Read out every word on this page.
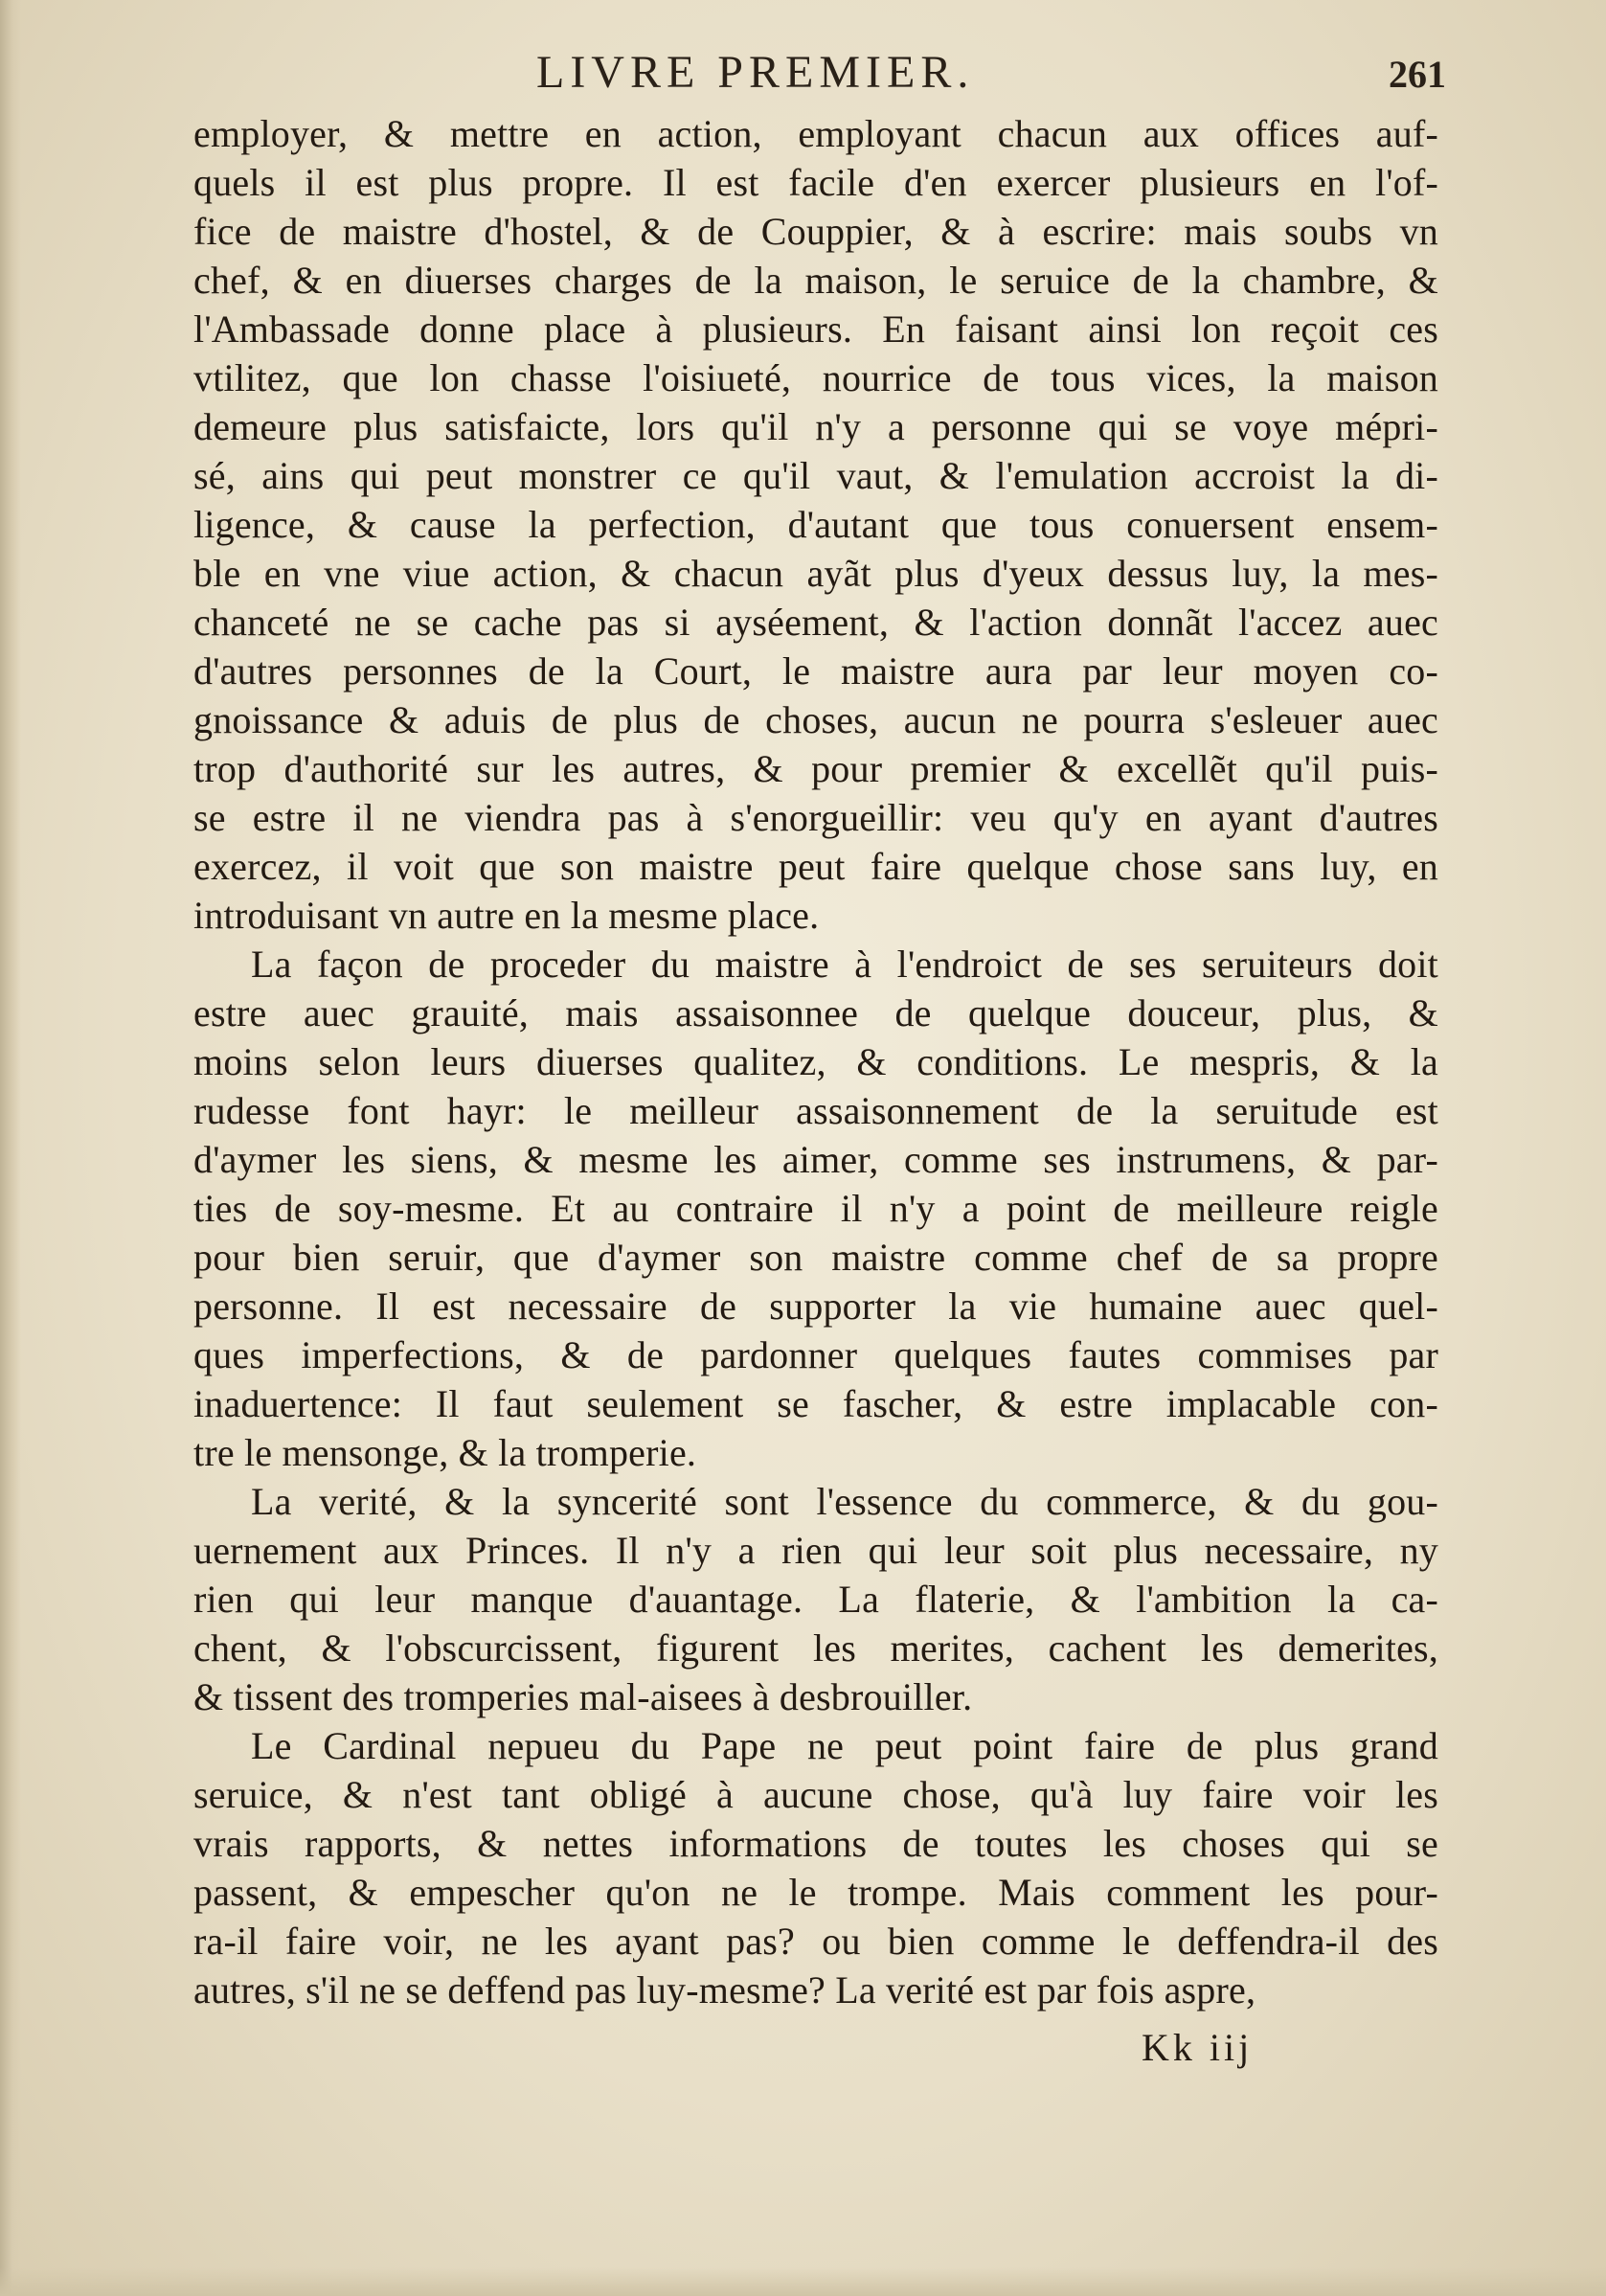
LIVRE PREMIER.	261
employer, & mettre en action, employant chacun aux offices auf-
quels il est plus propre. Il est facile d'en exercer plusieurs en l'of-
fice de maistre d'hostel, & de Couppier, & à escrire: mais soubs vn
chef, & en diuerses charges de la maison, le seruice de la chambre, &
l'Ambassade donne place à plusieurs. En faisant ainsi lon reçoit ces
vtilitez, que lon chasse l'oisiueté, nourrice de tous vices, la maison
demeure plus satisfaicte, lors qu'il n'y a personne qui se voye mépri-
sé, ains qui peut monstrer ce qu'il vaut, & l'emulation accroist la di-
ligence, & cause la perfection, d'autant que tous conuersent ensem-
ble en vne viue action, & chacun ayãt plus d'yeux dessus luy, la mes-
chanceté ne se cache pas si ayséement, & l'action donnãt l'accez auec
d'autres personnes de la Court, le maistre aura par leur moyen co-
gnoissance & aduis de plus de choses, aucun ne pourra s'esleuer auec
trop d'authorité sur les autres, & pour premier & excellẽt qu'il puis-
se estre il ne viendra pas à s'enorgueillir: veu qu'y en ayant d'autres
exercez, il voit que son maistre peut faire quelque chose sans luy, en
introduisant vn autre en la mesme place.
La façon de proceder du maistre à l'endroict de ses seruiteurs doit
estre auec grauité, mais assaisonnee de quelque douceur, plus, &
moins selon leurs diuerses qualitez, & conditions. Le mespris, & la
rudesse font hayr: le meilleur assaisonnement de la seruitude est
d'aymer les siens, & mesme les aimer, comme ses instrumens, & par-
ties de soy-mesme. Et au contraire il n'y a point de meilleure reigle
pour bien seruir, que d'aymer son maistre comme chef de sa propre
personne. Il est necessaire de supporter la vie humaine auec quel-
ques imperfections, & de pardonner quelques fautes commises par
inaduertence: Il faut seulement se fascher, & estre implacable con-
tre le mensonge, & la tromperie.
La verité, & la syncerité sont l'essence du commerce, & du gou-
uernement aux Princes. Il n'y a rien qui leur soit plus necessaire, ny
rien qui leur manque d'auantage. La flaterie, & l'ambition la ca-
chent, & l'obscurcissent, figurent les merites, cachent les demerites,
& tissent des tromperies mal-aisees à desbrouiller.
Le Cardinal nepueu du Pape ne peut point faire de plus grand
seruice, & n'est tant obligé à aucune chose, qu'à luy faire voir les
vrais rapports, & nettes informations de toutes les choses qui se
passent, & empescher qu'on ne le trompe. Mais comment les pour-
ra-il faire voir, ne les ayant pas? ou bien comme le deffendra-il des
autres, s'il ne se deffend pas luy-mesme? La verité est par fois aspre,
Kk iij
